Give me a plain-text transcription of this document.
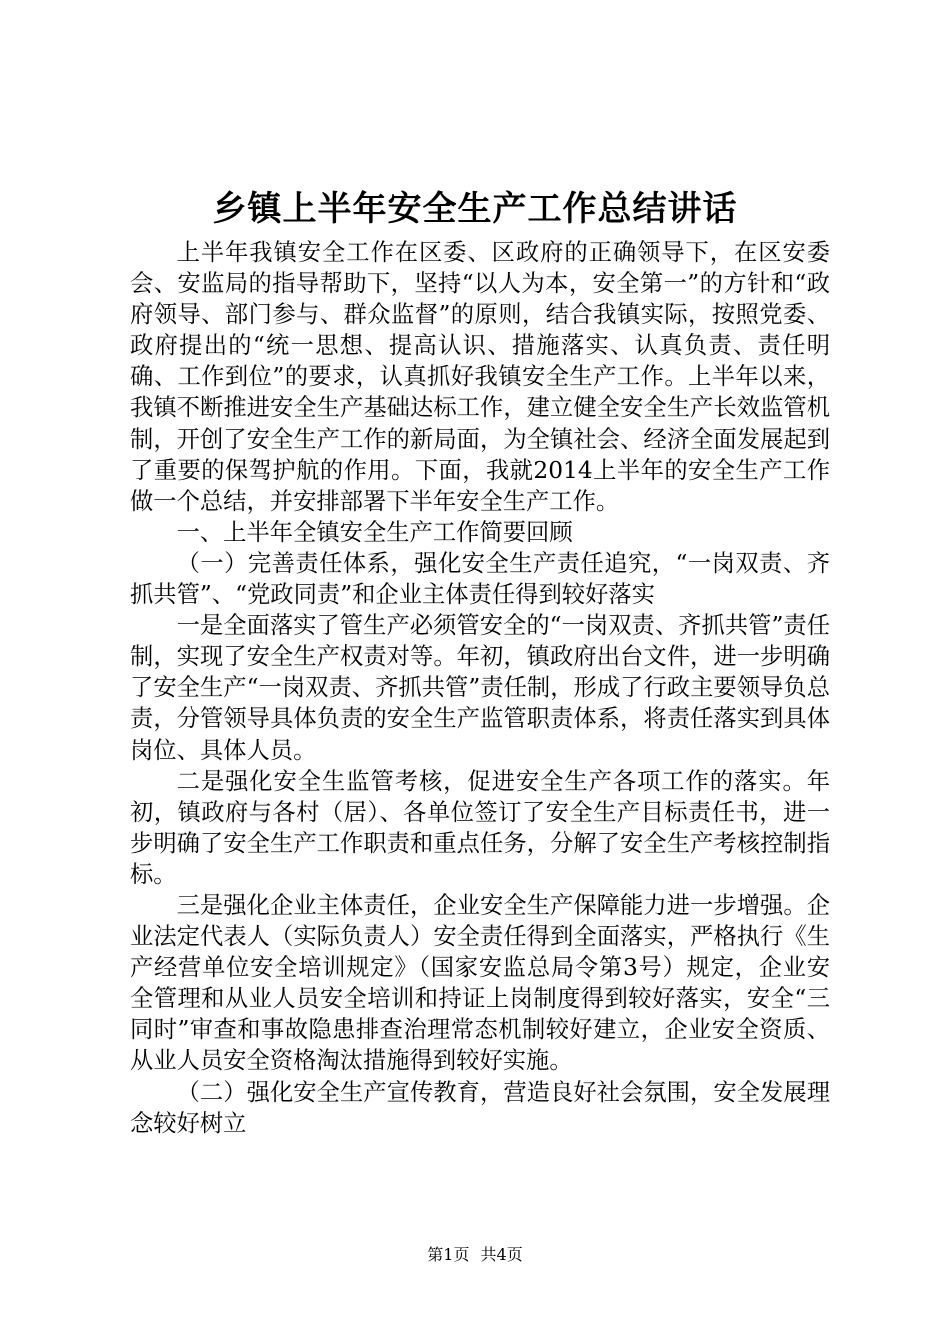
乡镇上半年安全生产工作总结讲话

上半年我镇安全工作在区委、区政府的正确领导下，在区安委会、安监局的指导帮助下，坚持“以人为本，安全第一”的方针和“政府领导、部门参与、群众监督”的原则，结合我镇实际，按照党委、政府提出的“统一思想、提高认识、措施落实、认真负责、责任明确、工作到位”的要求，认真抓好我镇安全生产工作。上半年以来，我镇不断推进安全生产基础达标工作，建立健全安全生产长效监管机制，开创了安全生产工作的新局面，为全镇社会、经济全面发展起到了重要的保驾护航的作用。下面，我就2014上半年的安全生产工作做一个总结，并安排部署下半年安全生产工作。

一、上半年全镇安全生产工作简要回顾

（一）完善责任体系，强化安全生产责任追究，“一岗双责、齐抓共管”、“党政同责”和企业主体责任得到较好落实

一是全面落实了管生产必须管安全的“一岗双责、齐抓共管”责任制，实现了安全生产权责对等。年初，镇政府出台文件，进一步明确了安全生产“一岗双责、齐抓共管”责任制，形成了行政主要领导负总责，分管领导具体负责的安全生产监管职责体系，将责任落实到具体岗位、具体人员。

二是强化安全生监管考核，促进安全生产各项工作的落实。年初，镇政府与各村（居）、各单位签订了安全生产目标责任书，进一步明确了安全生产工作职责和重点任务，分解了安全生产考核控制指标。

三是强化企业主体责任，企业安全生产保障能力进一步增强。企业法定代表人（实际负责人）安全责任得到全面落实，严格执行《生产经营单位安全培训规定》（国家安监总局令第3号）规定，企业安全管理和从业人员安全培训和持证上岗制度得到较好落实，安全“三同时”审查和事故隐患排查治理常态机制较好建立，企业安全资质、从业人员安全资格淘汰措施得到较好实施。

（二）强化安全生产宣传教育，营造良好社会氛围，安全发展理念较好树立

第1页 共4页
